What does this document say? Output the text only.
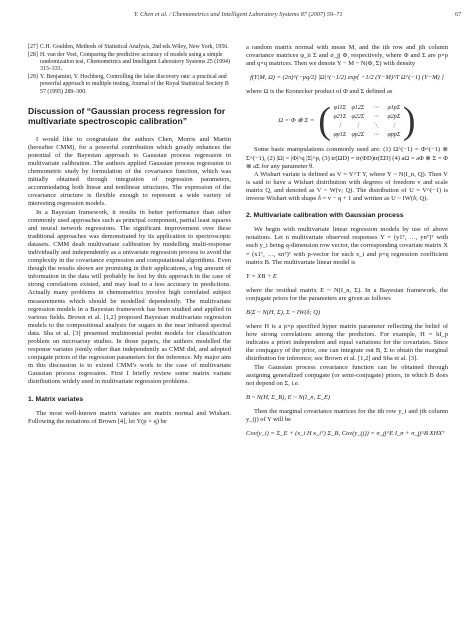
Y. Chen et al. / Chemometrics and Intelligent Laboratory Systems 87 (2007) 59–71	67
[27] C.H. Goulden, Methods of Statistical Analysis, 2nd eds.Wiley, New York, 1956.
[28] H. van der Voet, Comparing the predictive accuracy of models using a simple randomization test, Chemometrics and Intelligent Laboratory Systems 25 (1994) 313–333.
[29] Y. Benjamini, Y. Hochberg, Controlling the false discovery rate: a practical and powerful approach to multiple testing, Journal of the Royal Statistical Society B 57 (1995) 289–300.
Discussion of “Gaussian process regression for multivariate spectroscopic calibration”

I would like to congratulate the authors Chen, Morris and Martin (hereafter CMM), for a powerful contribution which greatly enhances the potential of the Bayesian approach to Gaussian process regression in multivariate calibration. The authors applied Gaussian process regression to chemometric study by formulation of the covariance function, which was initially obtained through integration of regression parameters, accommodating both linear and nonlinear structures. The expression of the covariance structure is flexible enough to represent a wide variety of interesting regression models.

In a Bayesian framework, it results in better performance than other commonly used approaches such as principal component, partial least squares and neural network regressions. The significant improvement over these traditional approaches was demonstrated by its application to spectroscopic datasets. CMM dealt multivariate calibration by modelling multi-response individually and independently as a univariate regression process to avoid the complexity in the covariance expression and computational algorithms. Even though the results shown are promising in their applications, a big amount of information in the data will probably be lost by this approach in the case of strong correlations existed, and may lead to a less accuracy in predictions. Actually many problems in chemometrics involve high correlated subject measurements which should be modelled dependently. The multivariate regression models in a Bayesian framework has been studied and applied in various fields. Brown et al. [1,2] proposed Bayesian multivariate regression models to the compositional analysis for sugars in the near infrared spectral data. Sha et al. [3] presented multinomial probit models for classification problem on microarray studies. In those papers, the authors modelled the response variates jointly other than independently as CMM did, and adopted conjugate priors of the regression parameters for the inference. My major aim in this discussion is to extend CMM’s work to the case of multivariate Gaussian process regression. First I briefly review some matrix variate distributions widely used in multivariate regression problems.

1. Matrix variates

The most well-known matrix variates are matrix normal and Wishart. Following the notations of Brown [4], let Y(p × q) be

a random matrix normal with mean M, and the ith row and jth column covariance matrices φ_ii Σ and σ_jj Φ, respectively, where Φ and Σ are p×p and q×q matrices. Then we denote Y − M ~ N(Φ, Σ) with density

f(Y|M, Ω) = (2π)^(−pq/2) |Ω|^(−1/2) exp{ −1/2 (Y−M)^T Ω^(−1) (Y−M) }

where Ω is the Kronecker product of Φ and Σ defined as

Ω = Φ ⊗ Σ = ( φ11Σ φ12Σ	⋯	φ1pΣ
φ21Σ φ22Σ	⋯	φ2pΣ
⋮	⋮	⋱	⋮
φp1Σ φp2Σ	⋯	φppΣ )

Some basic manipulations commonly used are: (1) Ω^(−1) = Φ^(−1) ⊗ Σ^(−1), (2) |Ω| = |Φ|^q |Σ|^p, (3) tr(ΩD) = tr(ΦD)tr(ΣD) (4) aΩ = aΦ ⊗ Σ = Φ ⊗ aΣ for any parameter θ.

A Wishart variate is defined as V = Y^T Y, where Y ~ N(I_n, Q). Then V is said to have a Wishart distribution with degrees of freedom v and scale matrix Q, and denoted as V ~ W(v; Q). The distribution of U = V^(−1) is inverse Wishart with shape δ = v − q + 1 and written as U ~ IW(δ; Q).

2. Multivariate calibration with Gaussian process

We begin with multivariate linear regression models by use of above notations. Let n multivariate observed responses Y = (y1ᵀ, …, ynᵀ)ᵀ with each y_i being q-dimension row vector, the corresponding covariate matrix X = (x1ᵀ, …, xnᵀ)ᵀ with p-vector for each x_i and p×q regression coefficient matrix B. The multivariate linear model is

Y = XB + E

where the residual matrix E ~ N(I_n, Σ). In a Bayesian framework, the conjugate priors for the parameters are given as follows

B|Σ ~ N(H, Σ), Σ ~ IW(δ; Q)

where H is a p×p specified hyper matrix parameter reflecting the belief of how strong correlations among the predictors. For example, H = hI_p indicates a priori independent and equal variations for the covariates. Since the conjugacy of the prior, one can integrate out B, Σ to obtain the marginal distribution for inference; see Brown et al. [1,2] and Sha et al. [3].

The Gaussian process covariance function can be obtained through assigning generalized conjugate (or semi-conjugate) priors, in which B does not depend on Σ, i.e.

B ~ N(H, Σ_B), E ~ N(I_n, Σ_E)

Then the marginal covariance matrices for the ith row y_i and jth column y_(j) of Y will be

Cov(y_i) = Σ_E + (x_i H x_iᵀ) Σ_B, Cov(y_(j)) = σ_jj^E I_n + σ_jj^B XHXᵀ
